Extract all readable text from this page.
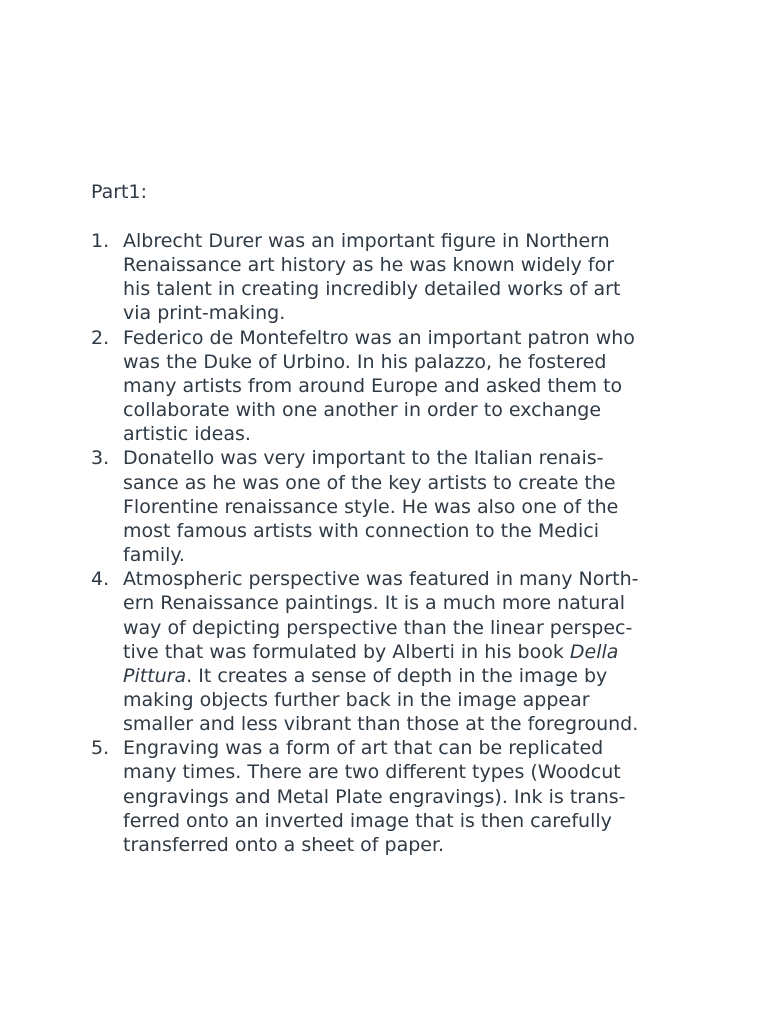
Part1:

1. Albrecht Durer was an important figure in Northern
Renaissance art history as he was known widely for
his talent in creating incredibly detailed works of art
via print-making.
2. Federico de Montefeltro was an important patron who
was the Duke of Urbino. In his palazzo, he fostered
many artists from around Europe and asked them to
collaborate with one another in order to exchange
artistic ideas.
3. Donatello was very important to the Italian renais-
sance as he was one of the key artists to create the
Florentine renaissance style. He was also one of the
most famous artists with connection to the Medici
family.
4. Atmospheric perspective was featured in many North-
ern Renaissance paintings. It is a much more natural
way of depicting perspective than the linear perspec-
tive that was formulated by Alberti in his book Della
Pittura. It creates a sense of depth in the image by
making objects further back in the image appear
smaller and less vibrant than those at the foreground.
5. Engraving was a form of art that can be replicated
many times. There are two different types (Woodcut
engravings and Metal Plate engravings). Ink is trans-
ferred onto an inverted image that is then carefully
transferred onto a sheet of paper.
